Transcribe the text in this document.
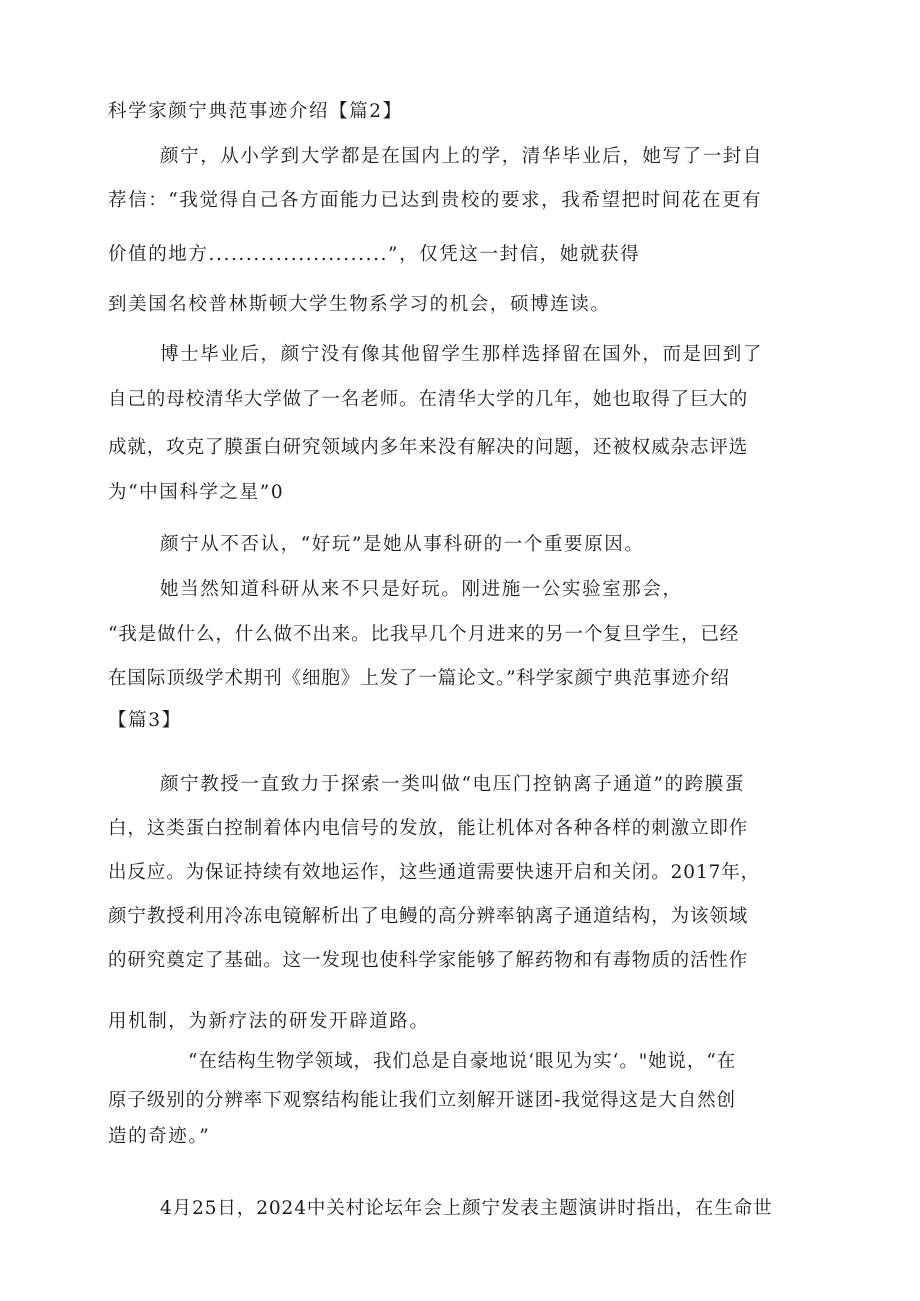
科学家颜宁典范事迹介绍【篇2】
颜宁，从小学到大学都是在国内上的学，清华毕业后，她写了一封自
荐信：“我觉得自己各方面能力已达到贵校的要求，我希望把时间花在更有
价值的地方........................”，仅凭这一封信，她就获得
到美国名校普林斯顿大学生物系学习的机会，硕博连读。
博士毕业后，颜宁没有像其他留学生那样选择留在国外，而是回到了
自己的母校清华大学做了一名老师。在清华大学的几年，她也取得了巨大的
成就，攻克了膜蛋白研究领域内多年来没有解决的问题，还被权威杂志评选
为“中国科学之星”0
颜宁从不否认，“好玩”是她从事科研的一个重要原因。
她当然知道科研从来不只是好玩。刚进施一公实验室那会，
“我是做什么，什么做不出来。比我早几个月进来的另一个复旦学生，已经
在国际顶级学术期刊《细胞》上发了一篇论文。”科学家颜宁典范事迹介绍
【篇3】
颜宁教授一直致力于探索一类叫做“电压门控钠离子通道”的跨膜蛋
白，这类蛋白控制着体内电信号的发放，能让机体对各种各样的刺激立即作
出反应。为保证持续有效地运作，这些通道需要快速开启和关闭。2017年，
颜宁教授利用冷冻电镜解析出了电鳗的高分辨率钠离子通道结构，为该领域
的研究奠定了基础。这一发现也使科学家能够了解药物和有毒物质的活性作
用机制，为新疗法的研发开辟道路。
“在结构生物学领域，我们总是自豪地说‘眼见为实‘。"她说，“在
原子级别的分辨率下观察结构能让我们立刻解开谜团-我觉得这是大自然创
造的奇迹。”
4月25日，2024中关村论坛年会上颜宁发表主题演讲时指出，在生命世
